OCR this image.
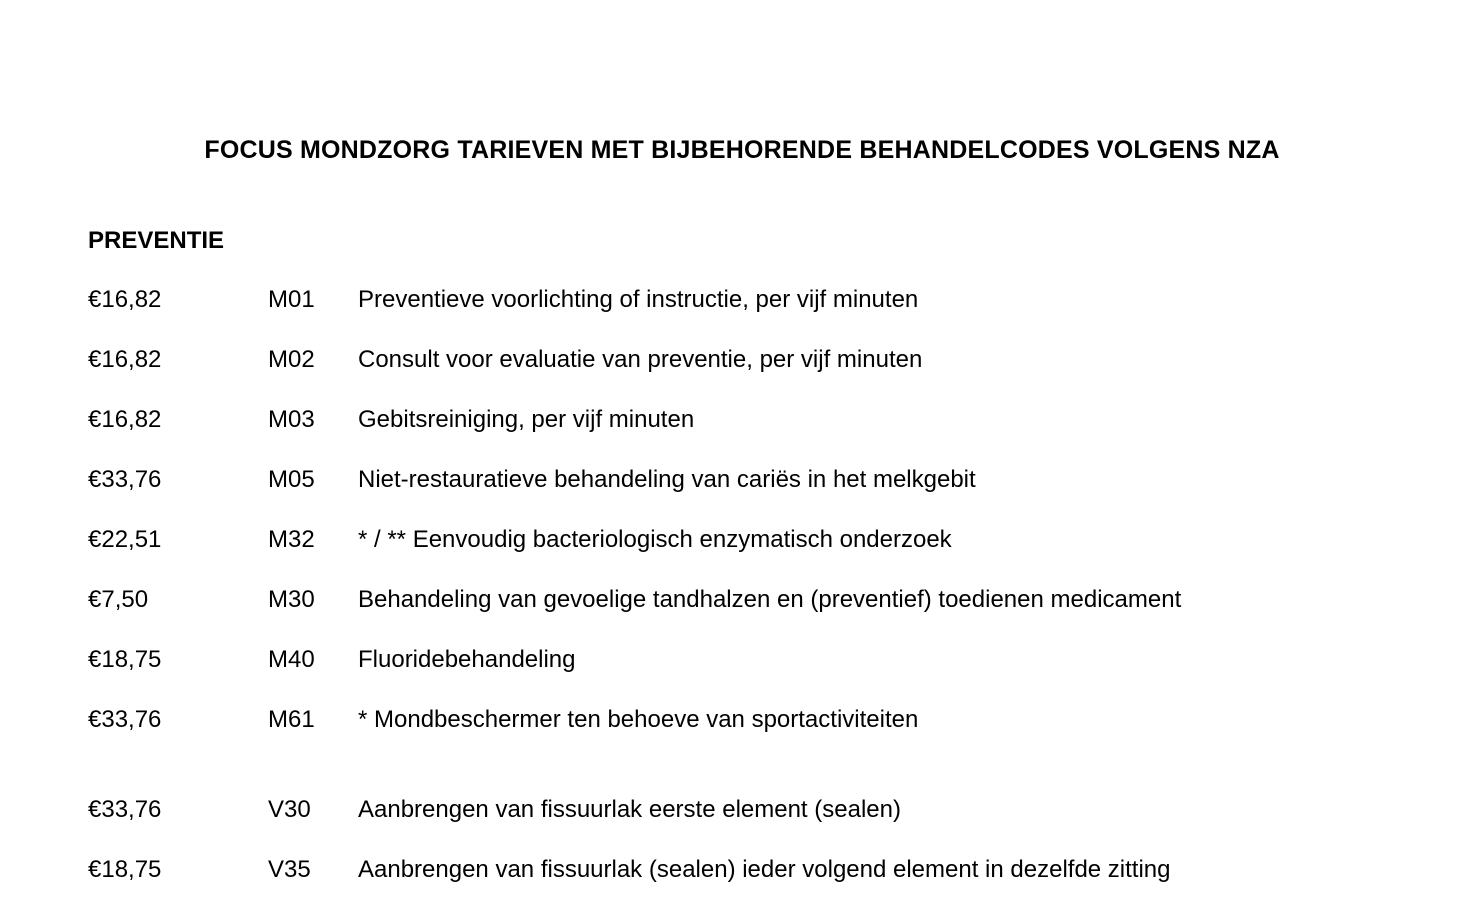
FOCUS MONDZORG TARIEVEN MET BIJBEHORENDE BEHANDELCODES VOLGENS NZA
PREVENTIE
€16,82	M01	Preventieve voorlichting of instructie, per vijf minuten
€16,82	M02	Consult voor evaluatie van preventie, per vijf minuten
€16,82	M03	Gebitsreiniging, per vijf minuten
€33,76	M05	Niet-restauratieve behandeling van cariës in het melkgebit
€22,51	M32	* / ** Eenvoudig bacteriologisch enzymatisch onderzoek
€7,50	M30	Behandeling van gevoelige tandhalzen en (preventief) toedienen medicament
€18,75	M40	Fluoridebehandeling
€33,76	M61	* Mondbeschermer ten behoeve van sportactiviteiten
€33,76	V30	Aanbrengen van fissuurlak eerste element (sealen)
€18,75	V35	Aanbrengen van fissuurlak (sealen) ieder volgend element in dezelfde zitting
